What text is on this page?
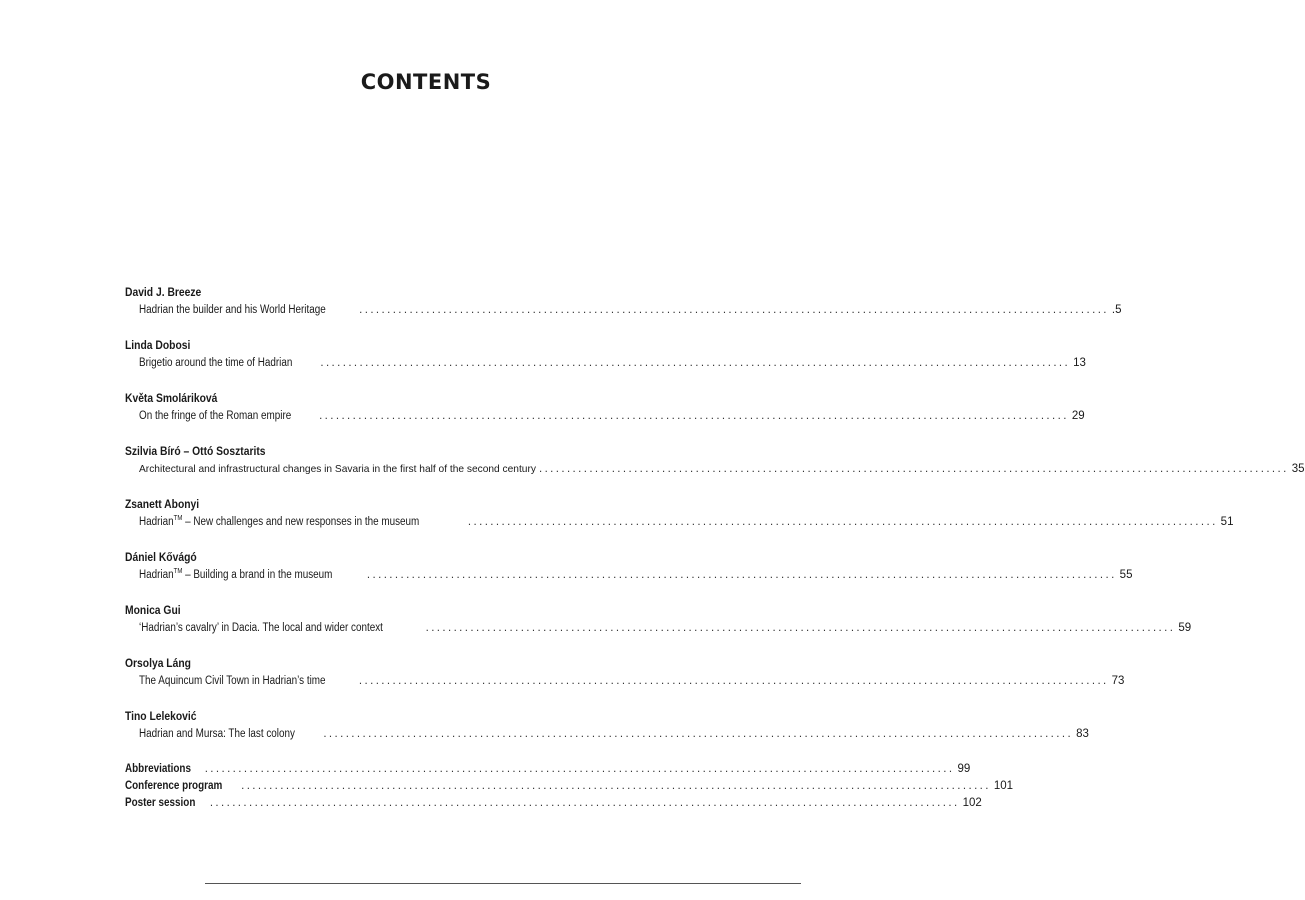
CONTENTS
David J. Breeze
Hadrian the builder and his World Heritage	...................................................................................................................................... .5
Linda Dobosi
Brigetio around the time of Hadrian ...................................................................................................................................... 13
Květa Smoláriková
On the fringe of the Roman empire ...................................................................................................................................... 29
Szilvia Bíró – Ottó Sosztarits
Architectural and infrastructural changes in Savaria in the first half of the second century ...................................................................................................................................... 35
Zsanett Abonyi
Hadrian™ – New challenges and new responses in the museum	...................................................................................................................................... 51
Dániel Kővágó
Hadrian™ – Building a brand in the museum	...................................................................................................................................... 55
Monica Gui
‘Hadrian’s cavalry’ in Dacia. The local and wider context	...................................................................................................................................... 59
Orsolya Láng
The Aquincum Civil Town in Hadrian’s time	...................................................................................................................................... 73
Tino Leleković
Hadrian and Mursa: The last colony ...................................................................................................................................... 83
Abbreviations ...................................................................................................................................... 99
Conference program ...................................................................................................................................... 101
Poster session ...................................................................................................................................... 102
